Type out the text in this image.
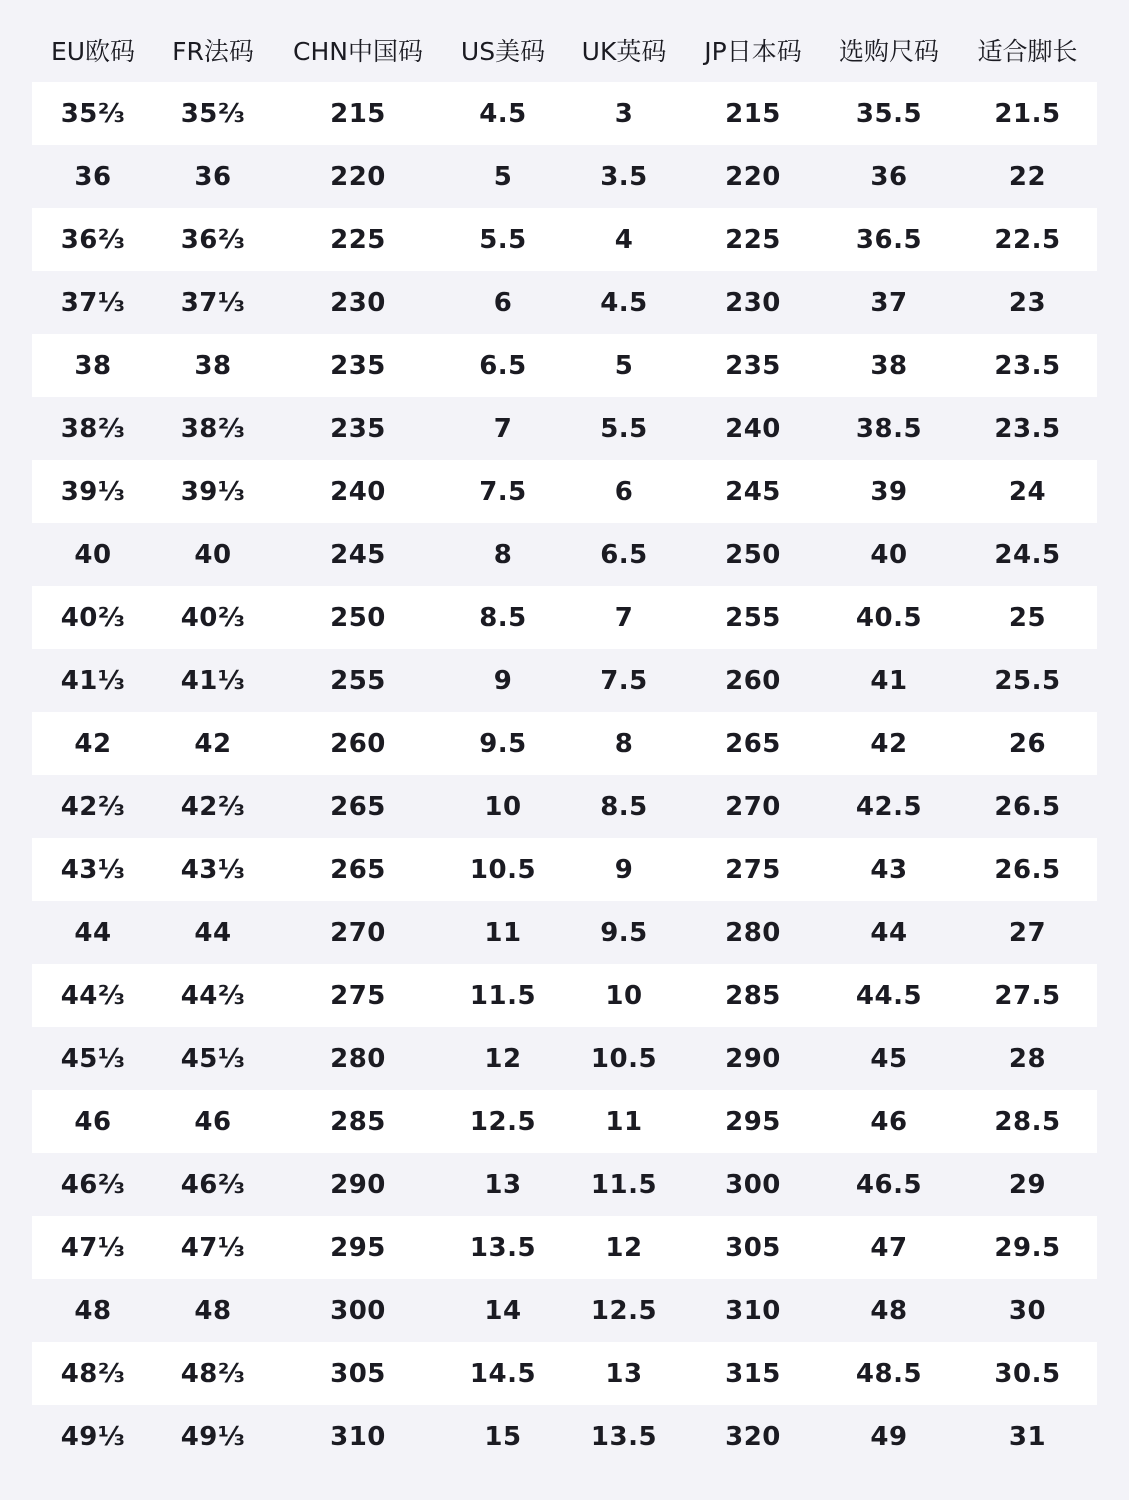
EU欧码	FR法码	CHN中国码	US美码	UK英码	JP日本码	选购尺码	适合脚长
35⅔	35⅔	215	4.5	3	215	35.5	21.5
36	36	220	5	3.5	220	36	22
36⅔	36⅔	225	5.5	4	225	36.5	22.5
37⅓	37⅓	230	6	4.5	230	37	23
38	38	235	6.5	5	235	38	23.5
38⅔	38⅔	235	7	5.5	240	38.5	23.5
39⅓	39⅓	240	7.5	6	245	39	24
40	40	245	8	6.5	250	40	24.5
40⅔	40⅔	250	8.5	7	255	40.5	25
41⅓	41⅓	255	9	7.5	260	41	25.5
42	42	260	9.5	8	265	42	26
42⅔	42⅔	265	10	8.5	270	42.5	26.5
43⅓	43⅓	265	10.5	9	275	43	26.5
44	44	270	11	9.5	280	44	27
44⅔	44⅔	275	11.5	10	285	44.5	27.5
45⅓	45⅓	280	12	10.5	290	45	28
46	46	285	12.5	11	295	46	28.5
46⅔	46⅔	290	13	11.5	300	46.5	29
47⅓	47⅓	295	13.5	12	305	47	29.5
48	48	300	14	12.5	310	48	30
48⅔	48⅔	305	14.5	13	315	48.5	30.5
49⅓	49⅓	310	15	13.5	320	49	31
